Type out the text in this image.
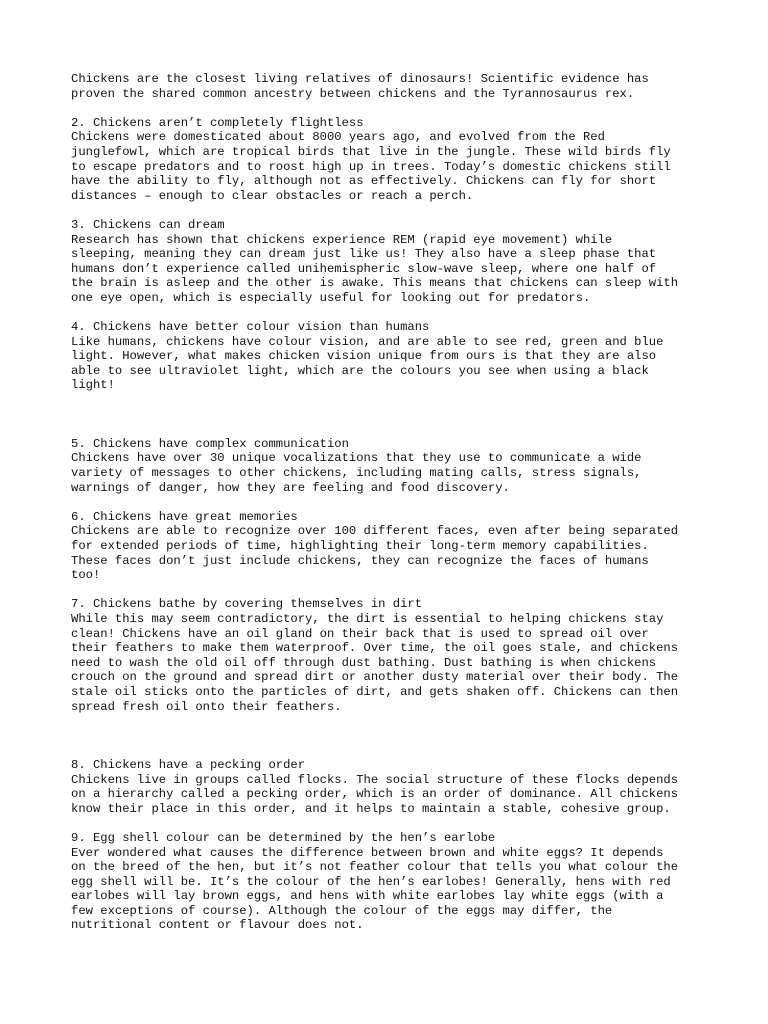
Chickens are the closest living relatives of dinosaurs! Scientific evidence has

proven the shared common ancestry between chickens and the Tyrannosaurus rex.

2. Chickens aren’t completely flightless

Chickens were domesticated about 8000 years ago, and evolved from the Red

junglefowl, which are tropical birds that live in the jungle. These wild birds fly

to escape predators and to roost high up in trees. Today’s domestic chickens still

have the ability to fly, although not as effectively. Chickens can fly for short

distances – enough to clear obstacles or reach a perch.

3. Chickens can dream

Research has shown that chickens experience REM (rapid eye movement) while

sleeping, meaning they can dream just like us! They also have a sleep phase that

humans don’t experience called unihemispheric slow-wave sleep, where one half of

the brain is asleep and the other is awake. This means that chickens can sleep with

one eye open, which is especially useful for looking out for predators.

4. Chickens have better colour vision than humans

Like humans, chickens have colour vision, and are able to see red, green and blue

light. However, what makes chicken vision unique from ours is that they are also

able to see ultraviolet light, which are the colours you see when using a black

light!

5. Chickens have complex communication

Chickens have over 30 unique vocalizations that they use to communicate a wide

variety of messages to other chickens, including mating calls, stress signals,

warnings of danger, how they are feeling and food discovery.

6. Chickens have great memories

Chickens are able to recognize over 100 different faces, even after being separated

for extended periods of time, highlighting their long-term memory capabilities.

These faces don’t just include chickens, they can recognize the faces of humans

too!

7. Chickens bathe by covering themselves in dirt

While this may seem contradictory, the dirt is essential to helping chickens stay

clean! Chickens have an oil gland on their back that is used to spread oil over

their feathers to make them waterproof. Over time, the oil goes stale, and chickens

need to wash the old oil off through dust bathing. Dust bathing is when chickens

crouch on the ground and spread dirt or another dusty material over their body. The

stale oil sticks onto the particles of dirt, and gets shaken off. Chickens can then

spread fresh oil onto their feathers.

8. Chickens have a pecking order

Chickens live in groups called flocks. The social structure of these flocks depends

on a hierarchy called a pecking order, which is an order of dominance. All chickens

know their place in this order, and it helps to maintain a stable, cohesive group.

9. Egg shell colour can be determined by the hen’s earlobe

Ever wondered what causes the difference between brown and white eggs? It depends

on the breed of the hen, but it’s not feather colour that tells you what colour the

egg shell will be. It’s the colour of the hen’s earlobes! Generally, hens with red

earlobes will lay brown eggs, and hens with white earlobes lay white eggs (with a

few exceptions of course). Although the colour of the eggs may differ, the

nutritional content or flavour does not.
